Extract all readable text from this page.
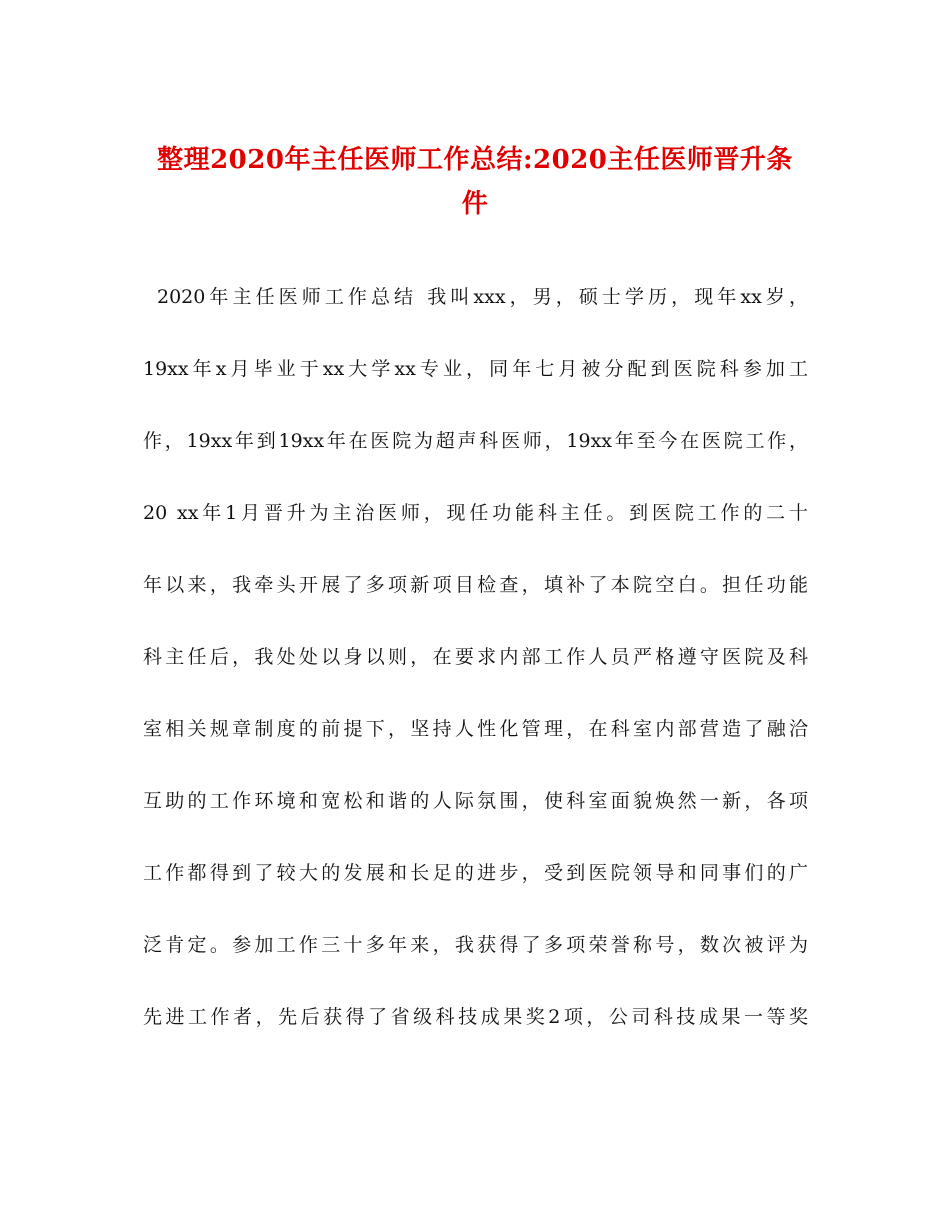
整理2020年主任医师工作总结:2020主任医师晋升条
件
2020年主任医师工作总结 我叫xxx，男，硕士学历，现年xx岁，
19xx年x月毕业于xx大学xx专业，同年七月被分配到医院科参加工
作，19xx年到19xx年在医院为超声科医师，19xx年至今在医院工作，
20 xx年1月晋升为主治医师，现任功能科主任。到医院工作的二十
年以来，我牵头开展了多项新项目检查，填补了本院空白。担任功能
科主任后，我处处以身以则，在要求内部工作人员严格遵守医院及科
室相关规章制度的前提下，坚持人性化管理，在科室内部营造了融洽
互助的工作环境和宽松和谐的人际氛围，使科室面貌焕然一新，各项
工作都得到了较大的发展和长足的进步，受到医院领导和同事们的广
泛肯定。参加工作三十多年来，我获得了多项荣誉称号，数次被评为
先进工作者，先后获得了省级科技成果奖2项，公司科技成果一等奖
